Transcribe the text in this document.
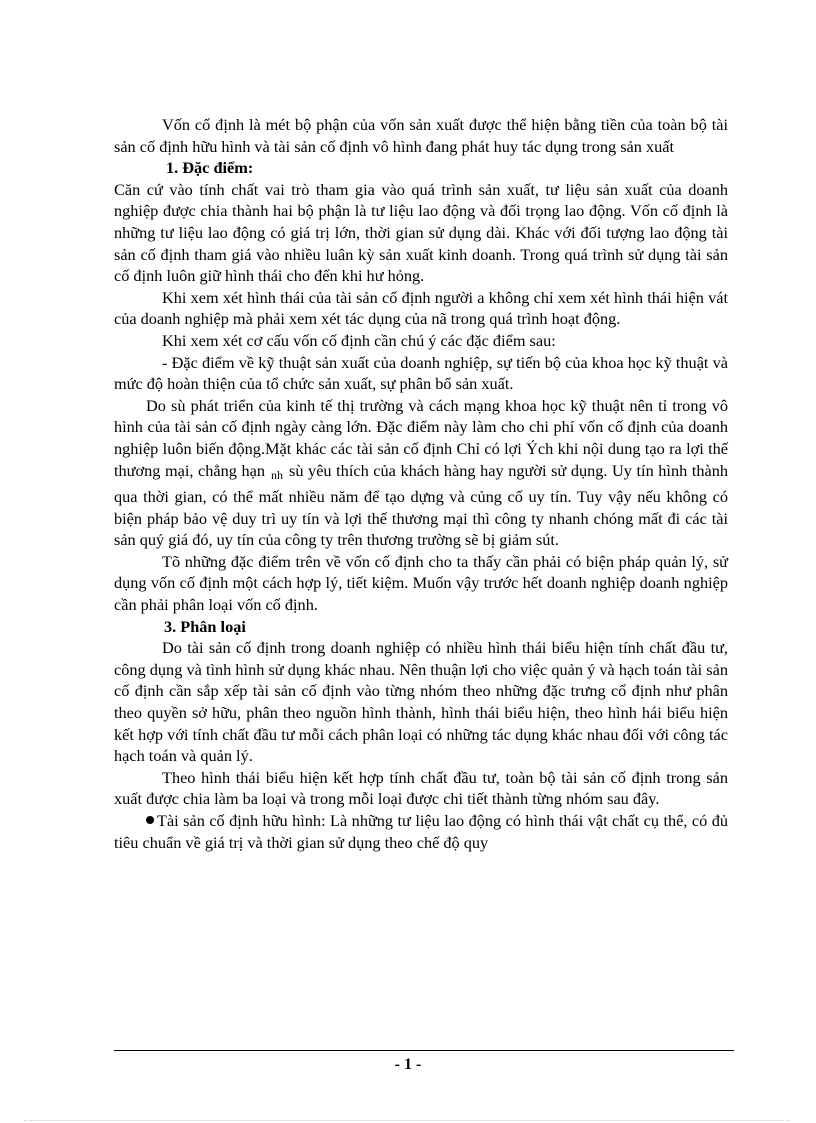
Vốn cố định là mét bộ phận của vốn sản xuất được thể hiện bằng tiền của toàn bộ tài sản cố định hữu hình và tài sản cố định vô hình đang phát huy tác dụng trong sản xuất

1. Đặc điểm:

Căn cứ vào tính chất vai trò tham gia vào quá trình sản xuất, tư liệu sản xuất của doanh nghiệp được chia thành hai bộ phận là tư liệu lao động và đối trọng lao động. Vốn cố định là những tư liệu lao động có giá trị lớn, thời gian sử dụng dài. Khác với đối tượng lao động tài sản cố định tham giá vào nhiều luân kỳ sản xuất kinh doanh. Trong quá trình sử dụng tài sản cố định luôn giữ hình thái cho đến khi hư hỏng.

Khi xem xét hình thái của tài sản cố định người a không chỉ xem xét hình thái hiện vát của doanh nghiệp mà phải xem xét tác dụng của nã trong quá trình hoạt động.

Khi xem xét cơ cấu vốn cố định cần chú ý các đặc điểm sau:

- Đặc điểm về kỹ thuật sản xuất của doanh nghiệp, sự tiến bộ của khoa học kỹ thuật và mức độ hoàn thiện của tổ chức sản xuất, sự phân bổ sản xuất.

Do sù phát triển của kinh tế thị trường và cách mạng khoa học kỹ thuật nên tỉ trong vô hình của tài sản cố định ngày càng lớn. Đặc điểm này làm cho chi phí vốn cố định của doanh nghiệp luôn biến động.Mặt khác các tài sản cố định Chỉ có lợi Ých khi nội dung tạo ra lợi thế thương mại, chẳng hạn $_{nh}$ sù yêu thích của khách hàng hay người sử dụng. Uy tín hình thành qua thời gian, có thể mất nhiều năm để tạo dựng và củng cố uy tín. Tuy vậy nếu không có biện pháp bảo vệ duy trì uy tín và lợi thế thương mại thì công ty nhanh chóng mất đi các tài sản quý giá đó, uy tín của công ty trên thương trường sẽ bị giảm sút.

Tõ những đặc điểm trên về vốn cố định cho ta thấy cần phải có biện pháp quản lý, sử dụng vốn cố định một cách hợp lý, tiết kiệm. Muốn vậy trước hết doanh nghiệp doanh nghiệp cần phải phân loại vốn cố định.

3. Phân loại

Do tài sản cố định trong doanh nghiệp có nhiều hình thái biểu hiện tính chất đầu tư, công dụng và tình hình sử dụng khác nhau. Nên thuận lợi cho việc quản ý và hạch toán tài sản cố định cần sắp xếp tài sản cố định vào từng nhóm theo những đặc trưng cố định như phân theo quyền sở hữu, phân theo nguồn hình thành, hình thái biểu hiện, theo hình hái biểu hiện kết hợp với tính chất đầu tư mỗi cách phân loại có những tác dụng khác nhau đối với công tác hạch toán và quản lý.

Theo hình thái biểu hiện kết hợp tính chất đầu tư, toàn bộ tài sản cố định trong sản xuất được chia làm ba loại và trong mỗi loại được chi tiết thành từng nhóm sau đây.

Tài sản cố định hữu hình: Là những tư liệu lao động có hình thái vật chất cụ thể, có đủ tiêu chuẩn về giá trị và thời gian sử dụng theo chế độ quy

- 1 -
